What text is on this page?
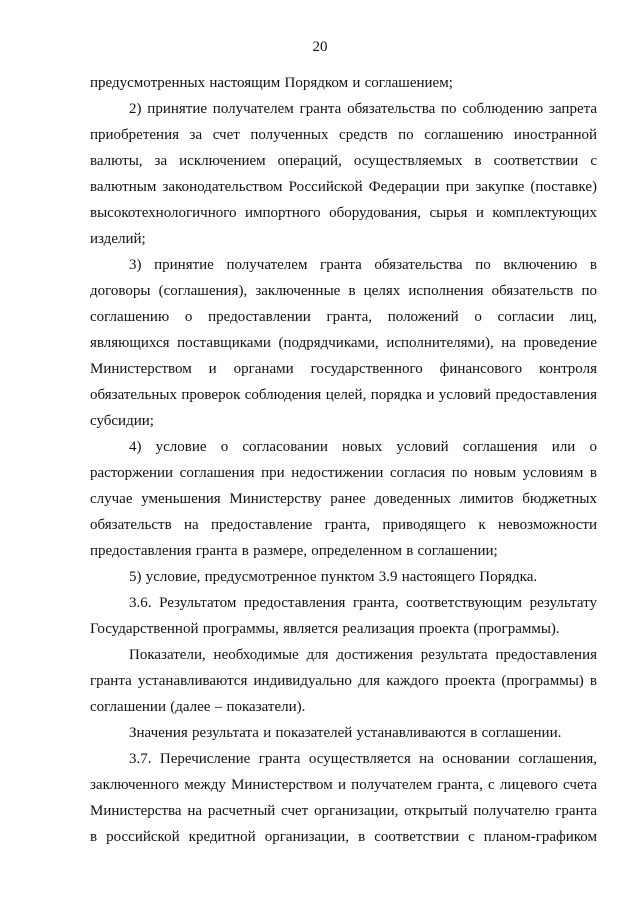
20

предусмотренных настоящим Порядком и соглашением;

2) принятие получателем гранта обязательства по соблюдению запрета приобретения за счет полученных средств по соглашению иностранной валюты, за исключением операций, осуществляемых в соответствии с валютным законодательством Российской Федерации при закупке (поставке) высокотехнологичного импортного оборудования, сырья и комплектующих изделий;

3) принятие получателем гранта обязательства по включению в договоры (соглашения), заключенные в целях исполнения обязательств по соглашению о предоставлении гранта, положений о согласии лиц, являющихся поставщиками (подрядчиками, исполнителями), на проведение Министерством и органами государственного финансового контроля обязательных проверок соблюдения целей, порядка и условий предоставления субсидии;

4) условие о согласовании новых условий соглашения или о расторжении соглашения при недостижении согласия по новым условиям в случае уменьшения Министерству ранее доведенных лимитов бюджетных обязательств на предоставление гранта, приводящего к невозможности предоставления гранта в размере, определенном в соглашении;

5) условие, предусмотренное пунктом 3.9 настоящего Порядка.

3.6. Результатом предоставления гранта, соответствующим результату Государственной программы, является реализация проекта (программы).

Показатели, необходимые для достижения результата предоставления гранта устанавливаются индивидуально для каждого проекта (программы) в соглашении (далее – показатели).

Значения результата и показателей устанавливаются в соглашении.

3.7. Перечисление гранта осуществляется на основании соглашения, заключенного между Министерством и получателем гранта, с лицевого счета Министерства на расчетный счет организации, открытый получателю гранта в российской кредитной организации, в соответствии с планом-графиком
